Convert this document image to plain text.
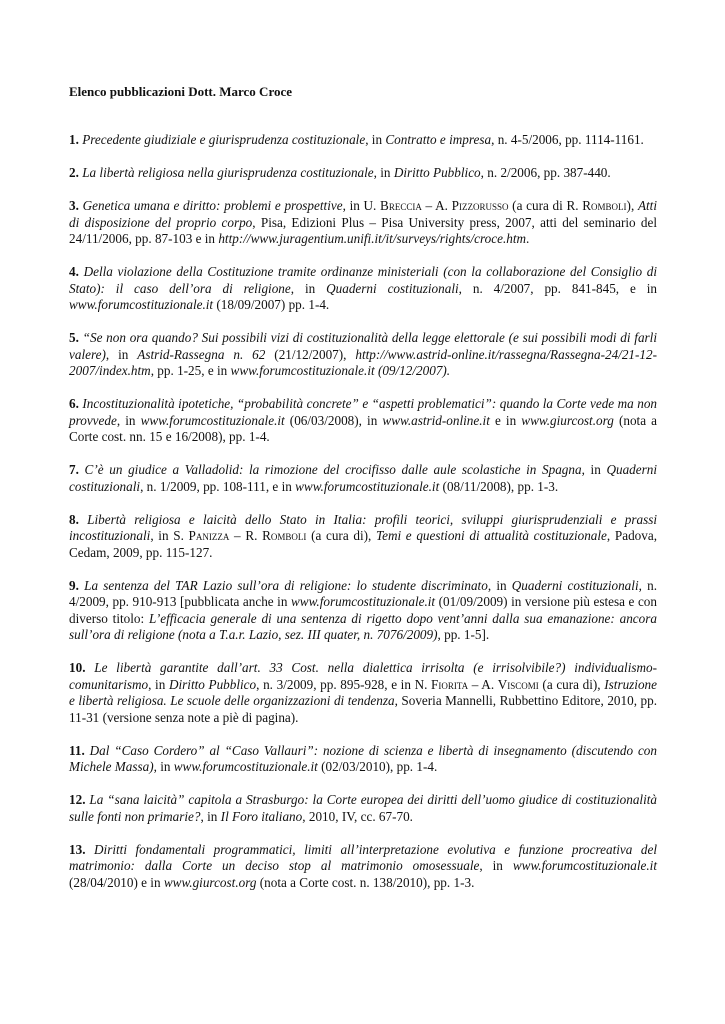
Elenco pubblicazioni Dott. Marco Croce

1. Precedente giudiziale e giurisprudenza costituzionale, in Contratto e impresa, n. 4-5/2006, pp. 1114-1161.

2. La libertà religiosa nella giurisprudenza costituzionale, in Diritto Pubblico, n. 2/2006, pp. 387-440.

3. Genetica umana e diritto: problemi e prospettive, in U. Breccia – A. Pizzorusso (a cura di R. Romboli), Atti di disposizione del proprio corpo, Pisa, Edizioni Plus – Pisa University press, 2007, atti del seminario del 24/11/2006, pp. 87-103 e in http://www.juragentium.unifi.it/it/surveys/rights/croce.htm.

4. Della violazione della Costituzione tramite ordinanze ministeriali (con la collaborazione del Consiglio di Stato): il caso dell’ora di religione, in Quaderni costituzionali, n. 4/2007, pp. 841-845, e in www.forumcostituzionale.it (18/09/2007) pp. 1-4.

5. “Se non ora quando? Sui possibili vizi di costituzionalità della legge elettorale (e sui possibili modi di farli valere), in Astrid-Rassegna n. 62 (21/12/2007), http://www.astrid-online.it/rassegna/Rassegna-24/21-12-2007/index.htm, pp. 1-25, e in www.forumcostituzionale.it (09/12/2007).

6. Incostituzionalità ipotetiche, “probabilità concrete” e “aspetti problematici”: quando la Corte vede ma non provvede, in www.forumcostituzionale.it (06/03/2008), in www.astrid-online.it e in www.giurcost.org (nota a Corte cost. nn. 15 e 16/2008), pp. 1-4.

7. C’è un giudice a Valladolid: la rimozione del crocifisso dalle aule scolastiche in Spagna, in Quaderni costituzionali, n. 1/2009, pp. 108-111, e in www.forumcostituzionale.it (08/11/2008), pp. 1-3.

8. Libertà religiosa e laicità dello Stato in Italia: profili teorici, sviluppi giurisprudenziali e prassi incostituzionali, in S. Panizza – R. Romboli (a cura di), Temi e questioni di attualità costituzionale, Padova, Cedam, 2009, pp. 115-127.

9. La sentenza del TAR Lazio sull’ora di religione: lo studente discriminato, in Quaderni costituzionali, n. 4/2009, pp. 910-913 [pubblicata anche in www.forumcostituzionale.it (01/09/2009) in versione più estesa e con diverso titolo: L’efficacia generale di una sentenza di rigetto dopo vent’anni dalla sua emanazione: ancora sull’ora di religione (nota a T.a.r. Lazio, sez. III quater, n. 7076/2009), pp. 1-5].

10. Le libertà garantite dall’art. 33 Cost. nella dialettica irrisolta (e irrisolvibile?) individualismo-comunitarismo, in Diritto Pubblico, n. 3/2009, pp. 895-928, e in N. Fiorita – A. Viscomi (a cura di), Istruzione e libertà religiosa. Le scuole delle organizzazioni di tendenza, Soveria Mannelli, Rubbettino Editore, 2010, pp. 11-31 (versione senza note a piè di pagina).

11. Dal “Caso Cordero” al “Caso Vallauri”: nozione di scienza e libertà di insegnamento (discutendo con Michele Massa), in www.forumcostituzionale.it (02/03/2010), pp. 1-4.

12. La “sana laicità” capitola a Strasburgo: la Corte europea dei diritti dell’uomo giudice di costituzionalità sulle fonti non primarie?, in Il Foro italiano, 2010, IV, cc. 67-70.

13. Diritti fondamentali programmatici, limiti all’interpretazione evolutiva e funzione procreativa del matrimonio: dalla Corte un deciso stop al matrimonio omosessuale, in www.forumcostituzionale.it (28/04/2010) e in www.giurcost.org (nota a Corte cost. n. 138/2010), pp. 1-3.
